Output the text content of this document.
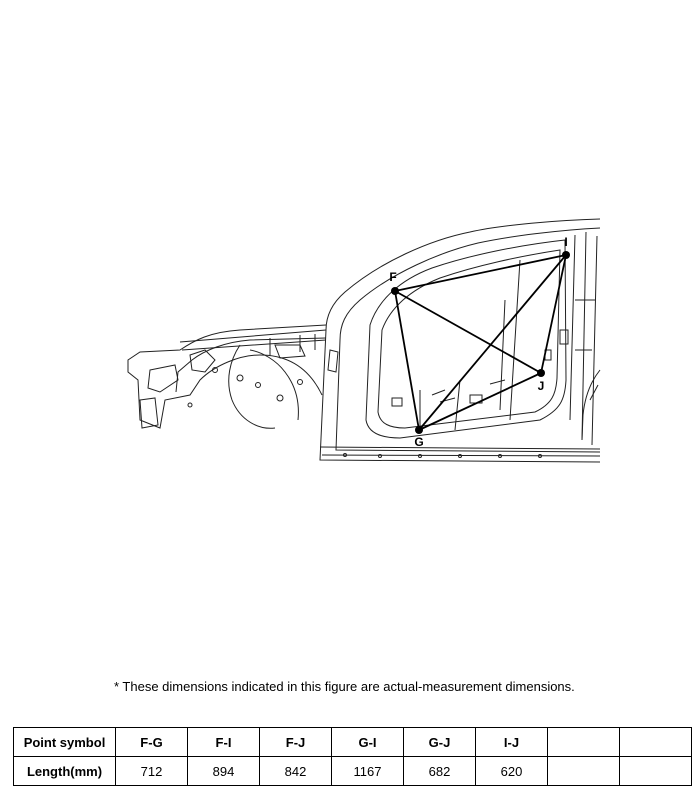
F
G
I
J
* These dimensions indicated in this figure are actual-measurement dimensions.
Point symbol	F-G	F-I	F-J	G-I	G-J	I-J		
Length(mm)	712	894	842	1167	682	620		
